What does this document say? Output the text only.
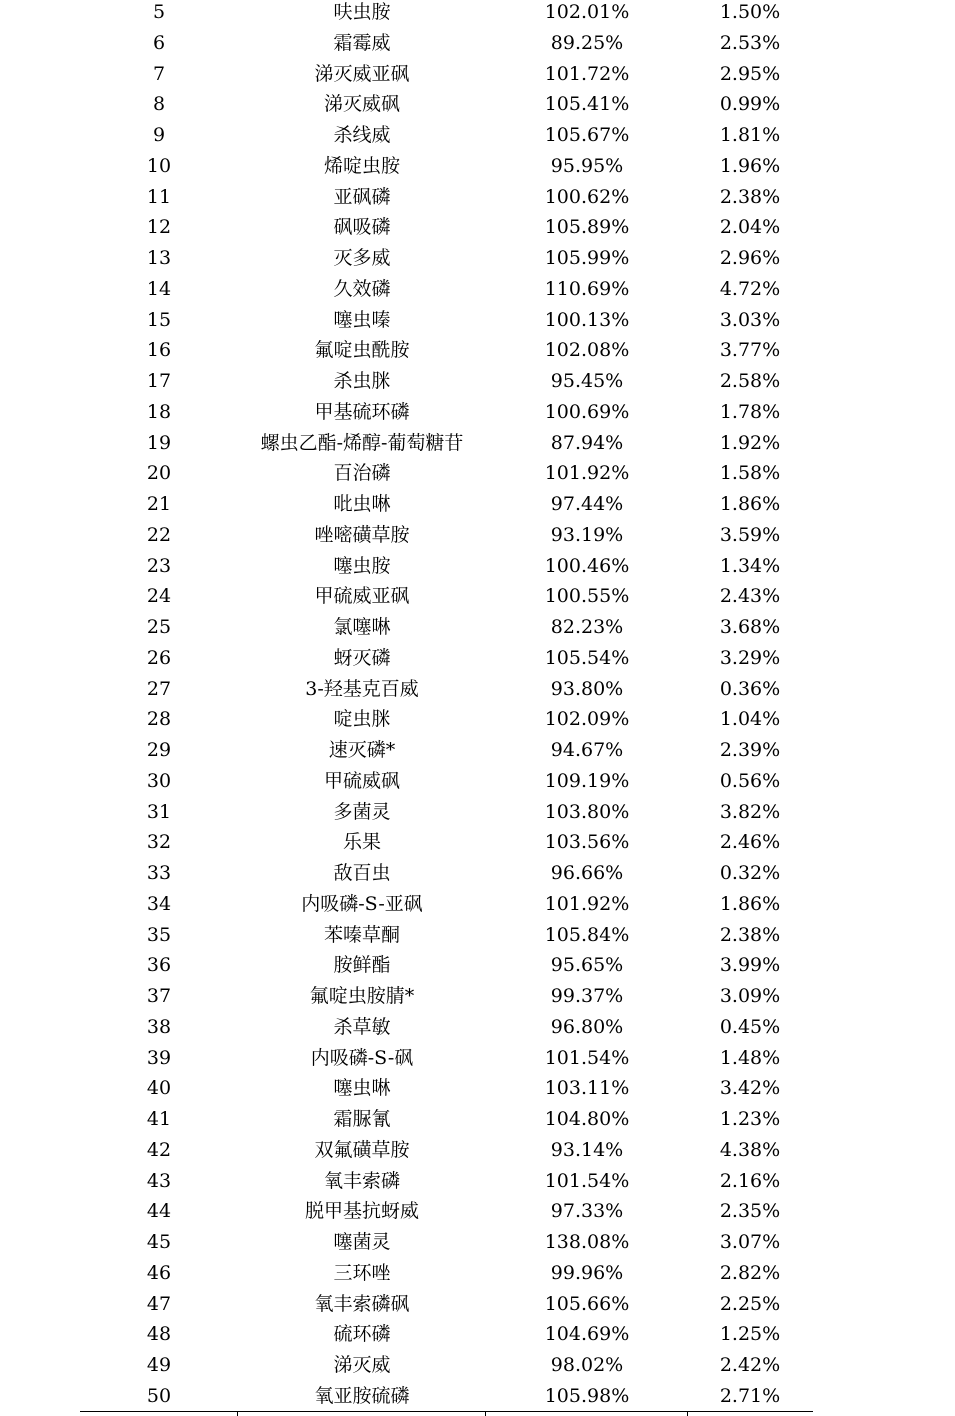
5	呋虫胺	102.01%	1.50%
6	霜霉威	89.25%	2.53%
7	涕灭威亚砜	101.72%	2.95%
8	涕灭威砜	105.41%	0.99%
9	杀线威	105.67%	1.81%
10	烯啶虫胺	95.95%	1.96%
11	亚砜磷	100.62%	2.38%
12	砜吸磷	105.89%	2.04%
13	灭多威	105.99%	2.96%
14	久效磷	110.69%	4.72%
15	噻虫嗪	100.13%	3.03%
16	氟啶虫酰胺	102.08%	3.77%
17	杀虫脒	95.45%	2.58%
18	甲基硫环磷	100.69%	1.78%
19	螺虫乙酯-烯醇-葡萄糖苷	87.94%	1.92%
20	百治磷	101.92%	1.58%
21	吡虫啉	97.44%	1.86%
22	唑嘧磺草胺	93.19%	3.59%
23	噻虫胺	100.46%	1.34%
24	甲硫威亚砜	100.55%	2.43%
25	氯噻啉	82.23%	3.68%
26	蚜灭磷	105.54%	3.29%
27	3-羟基克百威	93.80%	0.36%
28	啶虫脒	102.09%	1.04%
29	速灭磷*	94.67%	2.39%
30	甲硫威砜	109.19%	0.56%
31	多菌灵	103.80%	3.82%
32	乐果	103.56%	2.46%
33	敌百虫	96.66%	0.32%
34	内吸磷-S-亚砜	101.92%	1.86%
35	苯嗪草酮	105.84%	2.38%
36	胺鲜酯	95.65%	3.99%
37	氟啶虫胺腈*	99.37%	3.09%
38	杀草敏	96.80%	0.45%
39	内吸磷-S-砜	101.54%	1.48%
40	噻虫啉	103.11%	3.42%
41	霜脲氰	104.80%	1.23%
42	双氟磺草胺	93.14%	4.38%
43	氧丰索磷	101.54%	2.16%
44	脱甲基抗蚜威	97.33%	2.35%
45	噻菌灵	138.08%	3.07%
46	三环唑	99.96%	2.82%
47	氧丰索磷砜	105.66%	2.25%
48	硫环磷	104.69%	1.25%
49	涕灭威	98.02%	2.42%
50	氧亚胺硫磷	105.98%	2.71%
